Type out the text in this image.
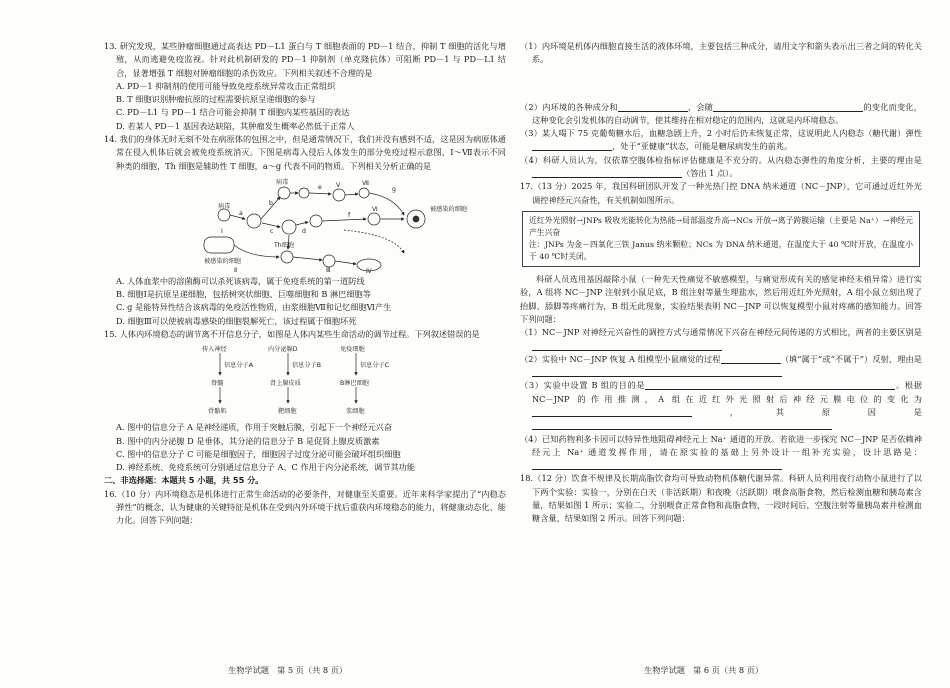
13. 研究发现，某些肿瘤细胞通过高表达 PD－L1 蛋白与 T 细胞表面的 PD－1 结合，抑制 T 细胞的活化与增殖，从而逃避免疫监视。针对此机制研发的 PD－1 抑制剂（单克隆抗体）可阻断 PD－1 与 PD－L1 结合，显著增强 T 细胞对肿瘤细胞的杀伤效应。下列相关叙述不合理的是

A. PD－1 抑制剂的使用可能导致免疫系统异常攻击正常组织

B. T 细胞识别肿瘤抗原的过程需要抗原呈递细胞的参与

C. PD－L1 与 PD－1 结合可能会抑制 T 细胞内某些基因的表达

D. 若某人 PD－1 基因表达缺陷，其肿瘤发生概率必然低于正常人

14. 我们的身体无时无刻不处在病原体的包围之中，但是通常情况下，我们并没有感到不适，这是因为病原体通常在侵入机体后就会被免疫系统消灭。下图是病毒入侵后人体发生的部分免疫过程示意图，Ⅰ～Ⅶ表示不同种类的细胞，Th 细胞是辅助性 T 细胞，a～g 代表不同的物质。下列相关分析正确的是

病毒
病毒
Th细胞
被感染的细胞
被感染的细胞
Ⅰ
Ⅱ	Ⅲ	Ⅳ
Ⅴ
Ⅵ
Ⅶ
a
b
c	d
e
f
g

A. 人体血浆中的溶菌酶可以杀死该病毒，属于免疫系统的第一道防线

B. 细胞Ⅰ是抗原呈递细胞，包括树突状细胞、巨噬细胞和 B 淋巴细胞等

C. g 是能特异性结合该病毒的免疫活性物质，由浆细胞Ⅶ和记忆细胞Ⅵ产生

D. 细胞Ⅲ可以使被病毒感染的细胞裂解死亡，该过程属于细胞坏死

15. 人体内环境稳态的调节离不开信息分子，如图是人体内某些生命活动的调节过程。下列叙述错误的是

传入神经	内分泌腺D	免疫细胞
信息分子A	信息分子B	信息分子C
脊髓	肾上腺皮质	B淋巴细胞
骨骼肌	靶细胞	浆细胞

A. 图中的信息分子 A 是神经递质，作用于突触后膜，引起下一个神经元兴奋

B. 图中的内分泌腺 D 是垂体，其分泌的信息分子 B 是促肾上腺皮质激素

C. 图中的信息分子 C 可能是细胞因子，细胞因子过度分泌可能会破坏组织细胞

D. 神经系统、免疫系统可分别通过信息分子 A、C 作用于内分泌系统，调节其功能

二、非选择题：本题共 5 小题，共 55 分。

16.（10 分）内环境稳态是机体进行正常生命活动的必要条件，对健康至关重要。近年来科学家提出了“内稳态弹性”的概念，认为健康的关键特征是机体在受到内外环境干扰后重获内环境稳态的能力，将健康动态化、能力化。回答下列问题：

生物学试题　第 5 页（共 8 页）

（1）内环境是机体内细胞直接生活的液体环境，主要包括三种成分，请用文字和箭头表示出三者之间的转化关系。

（2）内环境的各种成分和	，会随	的变化而变化，这种变化会引发机体的自动调节，使其维持在相对稳定的范围内，这就是内环境稳态。

（3）某人喝下 75 克葡萄糖水后，血糖急剧上升，2 小时后仍未恢复正常，这说明此人内稳态（糖代谢）弹性，处于“亚健康”状态，可能是糖尿病发生的前兆。

（4）科研人员认为，仅依靠空腹体检指标评估健康是不充分的。从内稳态弹性的角度分析，主要的理由是（答出 1 点）。

17.（13 分）2025 年，我国科研团队开发了一种光热门控 DNA 纳米通道（NC－JNP），它可通过近红外光调控神经元兴奋性，有关机制如图所示。

近红外光照射→JNPs 吸收光能转化为热能→局部温度升高→NCs 开放→离子跨膜运输（主要是 Na⁺）→神经元产生兴奋

注：JNPs 为金－四氧化三铁 Janus 纳米颗粒；NCs 为 DNA 纳米通道，在温度大于 40 ℃时开放，在温度小于 40 ℃时关闭。

科研人员选用基因敲除小鼠（一种先天性痛觉不敏感模型，与痛觉形成有关的感觉神经末梢异常）进行实验，A 组将 NC－JNP 注射到小鼠足底，B 组注射等量生理盐水，然后用近红外光照射，A 组小鼠立刻出现了抬脚、舔脚等疼痛行为，B 组无此现象，实验结果表明 NC－JNP 可以恢复模型小鼠对疼痛的感知能力。回答下列问题：

（1）NC－JNP 对神经元兴奋性的调控方式与通常情况下兴奋在神经元间传递的方式相比，两者的主要区别是

（2）实验中 NC－JNP 恢复 A 组模型小鼠痛觉的过程	（填“属于”或“不属于”）反射，理由是

（3）实验中设置 B 组的目的是	。根据 NC－JNP 的作用推测，A 组在近红外光照射后神经元膜电位的变化为，其原因是

（4）已知药物利多卡因可以特异性地阻碍神经元上 Na⁺ 通道的开放。若欲进一步探究 NC－JNP 是否依赖神经元上 Na⁺ 通道发挥作用，请在原实验的基础上另外设计一组补充实验，设计思路是：

18.（12 分）饮食不规律及长期高脂饮食均可导致动物机体糖代谢异常。科研人员利用夜行动物小鼠进行了以下两个实验：实验一，分别在白天（非活跃期）和夜晚（活跃期）喂食高脂食物，然后检测血糖和胰岛素含量，结果如图 1 所示；实验二，分别喂食正常食物和高脂食物，一段时间后，空腹注射等量胰岛素并检测血糖含量，结果如图 2 所示。回答下列问题：

生物学试题　第 6 页（共 8 页）
